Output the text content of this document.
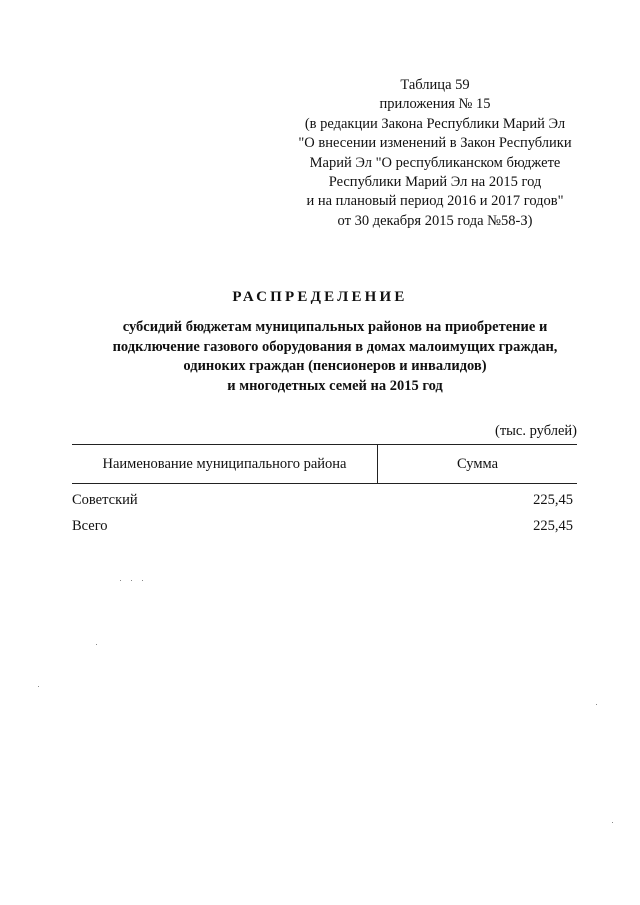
Таблица 59
приложения № 15
(в редакции Закона Республики Марий Эл
"О внесении изменений в Закон Республики
Марий Эл "О республиканском бюджете
Республики Марий Эл на 2015 год
и на плановый период 2016 и 2017 годов"
от 30 декабря 2015 года №58-З)
РАСПРЕДЕЛЕНИЕ
субсидий бюджетам муниципальных районов на приобретение и
подключение газового оборудования в домах малоимущих граждан,
одиноких граждан (пенсионеров и инвалидов)
и многодетных семей на 2015 год
(тыс. рублей)
Наименование муниципального района	Сумма
Советский	225,45
Всего	225,45
